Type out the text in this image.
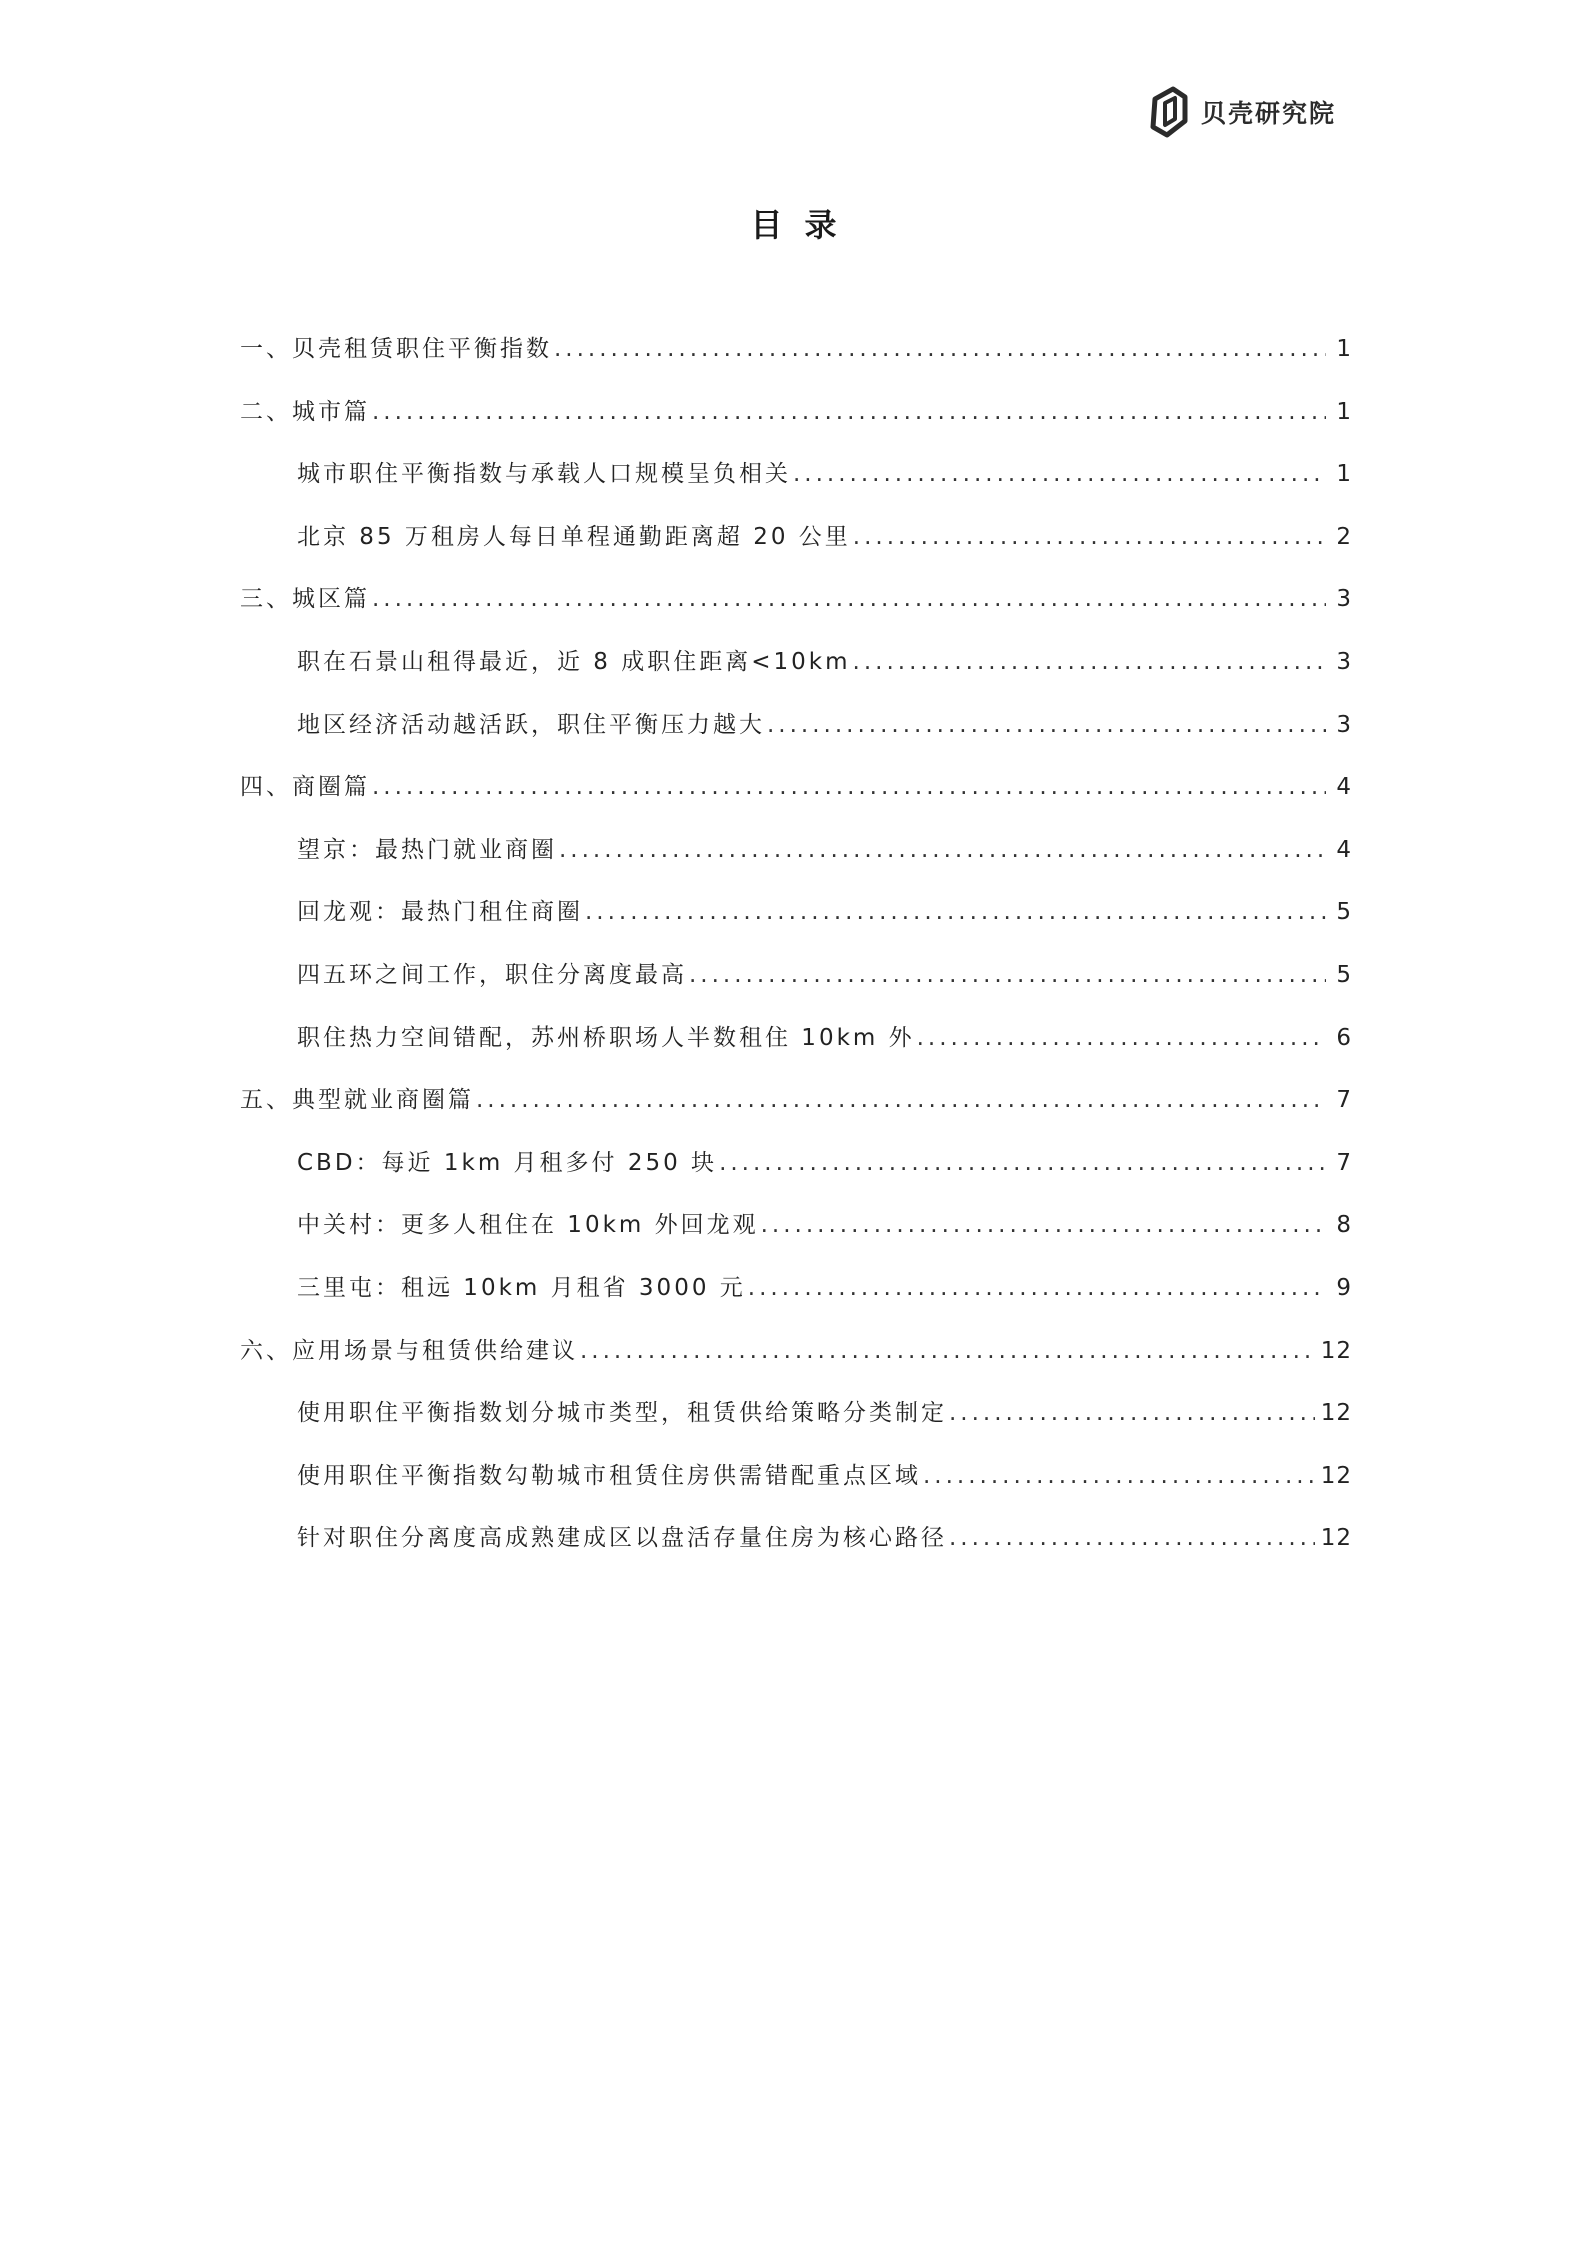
贝壳研究院
目录
一、贝壳租赁职住平衡指数 .....	1
二、城市篇 .....	1
城市职住平衡指数与承载人口规模呈负相关 .....	1
北京 85 万租房人每日单程通勤距离超 20 公里 .....	2
三、城区篇 .....	3
职在石景山租得最近，近 8 成职住距离<10km .....	3
地区经济活动越活跃，职住平衡压力越大 .....	3
四、商圈篇 .....	4
望京：最热门就业商圈 .....	4
回龙观：最热门租住商圈 .....	5
四五环之间工作，职住分离度最高 .....	5
职住热力空间错配，苏州桥职场人半数租住 10km 外 .....	6
五、典型就业商圈篇 .....	7
CBD：每近 1km 月租多付 250 块 .....	7
中关村：更多人租住在 10km 外回龙观 .....	8
三里屯：租远 10km 月租省 3000 元 .....	9
六、应用场景与租赁供给建议 .....	12
使用职住平衡指数划分城市类型，租赁供给策略分类制定 .....	12
使用职住平衡指数勾勒城市租赁住房供需错配重点区域 .....	12
针对职住分离度高成熟建成区以盘活存量住房为核心路径 .....	12
